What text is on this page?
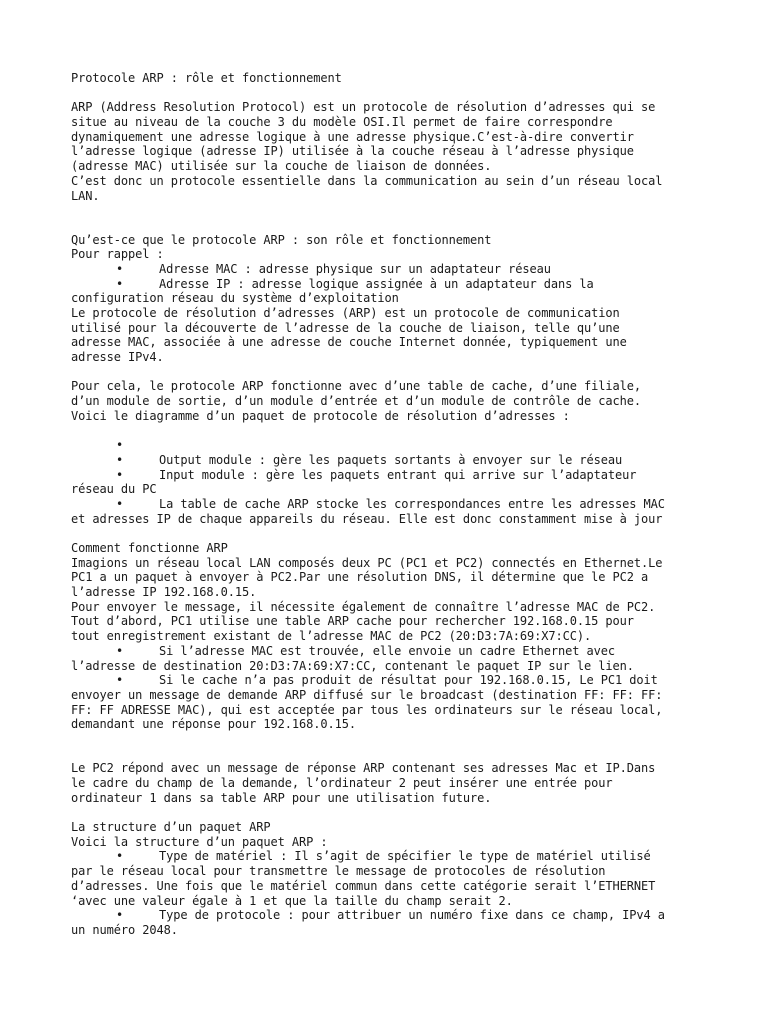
Protocole ARP : rôle et fonctionnement
ARP (Address Resolution Protocol) est un protocole de résolution d’adresses qui se
situe au niveau de la couche 3 du modèle OSI.Il permet de faire correspondre
dynamiquement une adresse logique à une adresse physique.C’est-à-dire convertir
l’adresse logique (adresse IP) utilisée à la couche réseau à l’adresse physique
(adresse MAC) utilisée sur la couche de liaison de données.
C’est donc un protocole essentielle dans la communication au sein d’un réseau local
LAN.
Qu’est-ce que le protocole ARP : son rôle et fonctionnement
Pour rappel :
•	Adresse MAC : adresse physique sur un adaptateur réseau
•	Adresse IP : adresse logique assignée à un adaptateur dans la
configuration réseau du système d’exploitation
Le protocole de résolution d’adresses (ARP) est un protocole de communication
utilisé pour la découverte de l’adresse de la couche de liaison, telle qu’une
adresse MAC, associée à une adresse de couche Internet donnée, typiquement une
adresse IPv4.
Pour cela, le protocole ARP fonctionne avec d’une table de cache, d’une filiale,
d’un module de sortie, d’un module d’entrée et d’un module de contrôle de cache.
Voici le diagramme d’un paquet de protocole de résolution d’adresses :
•
•	Output module : gère les paquets sortants à envoyer sur le réseau
•	Input module : gère les paquets entrant qui arrive sur l’adaptateur
réseau du PC
•	La table de cache ARP stocke les correspondances entre les adresses MAC
et adresses IP de chaque appareils du réseau. Elle est donc constamment mise à jour
Comment fonctionne ARP
Imagions un réseau local LAN composés deux PC (PC1 et PC2) connectés en Ethernet.Le
PC1 a un paquet à envoyer à PC2.Par une résolution DNS, il détermine que le PC2 a
l’adresse IP 192.168.0.15.
Pour envoyer le message, il nécessite également de connaître l’adresse MAC de PC2.
Tout d’abord, PC1 utilise une table ARP cache pour rechercher 192.168.0.15 pour
tout enregistrement existant de l’adresse MAC de PC2 (20:D3:7A:69:X7:CC).
•	Si l’adresse MAC est trouvée, elle envoie un cadre Ethernet avec
l’adresse de destination 20:D3:7A:69:X7:CC, contenant le paquet IP sur le lien.
•	Si le cache n’a pas produit de résultat pour 192.168.0.15, Le PC1 doit
envoyer un message de demande ARP diffusé sur le broadcast (destination FF: FF: FF:
FF: FF ADRESSE MAC), qui est acceptée par tous les ordinateurs sur le réseau local,
demandant une réponse pour 192.168.0.15.
Le PC2 répond avec un message de réponse ARP contenant ses adresses Mac et IP.Dans
le cadre du champ de la demande, l’ordinateur 2 peut insérer une entrée pour
ordinateur 1 dans sa table ARP pour une utilisation future.
La structure d’un paquet ARP
Voici la structure d’un paquet ARP :
•	Type de matériel : Il s’agit de spécifier le type de matériel utilisé
par le réseau local pour transmettre le message de protocoles de résolution
d’adresses. Une fois que le matériel commun dans cette catégorie serait l’ETHERNET
‘avec une valeur égale à 1 et que la taille du champ serait 2.
•	Type de protocole : pour attribuer un numéro fixe dans ce champ, IPv4 a
un numéro 2048.
